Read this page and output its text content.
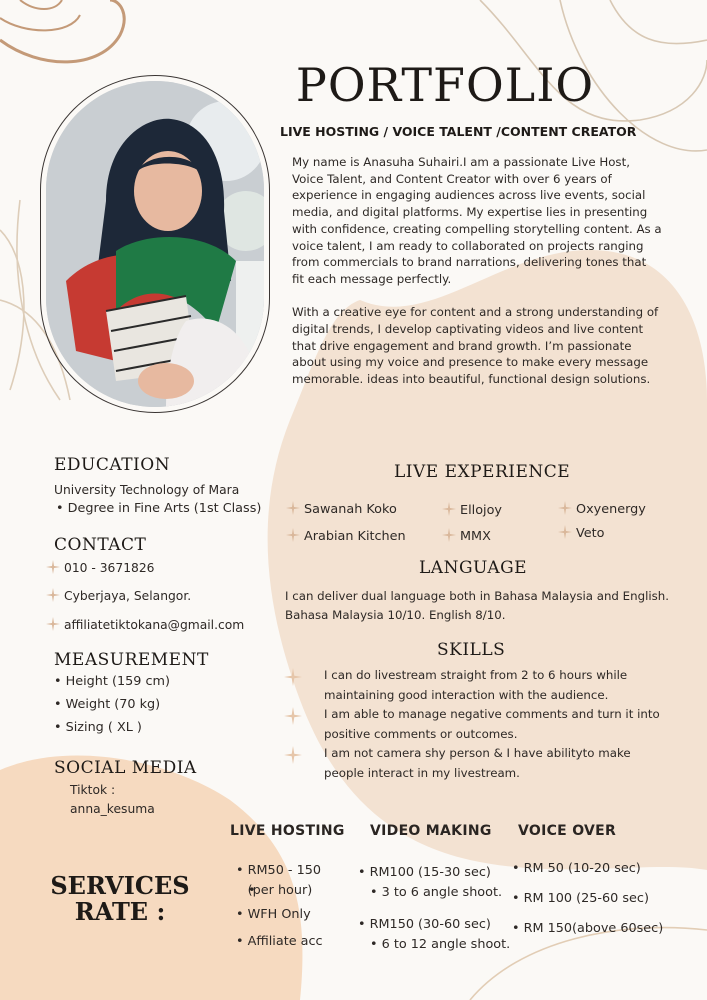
PORTFOLIO
LIVE HOSTING / VOICE TALENT /CONTENT CREATOR

My name is Anasuha Suhairi.I am a passionate Live Host, Voice Talent, and Content Creator with over 6 years of experience in engaging audiences across live events, social media, and digital platforms. My expertise lies in presenting with confidence, creating compelling storytelling content. As a voice talent, I am ready to collaborated on projects ranging from commercials to brand narrations, delivering tones that fit each message perfectly.

With a creative eye for content and a strong understanding of digital trends, I develop captivating videos and live content that drive engagement and brand growth. I’m passionate about using my voice and presence to make every message memorable. ideas into beautiful, functional design solutions.

EDUCATION
University Technology of Mara
• Degree in Fine Arts (1st Class)
CONTACT
010 - 3671826
Cyberjaya, Selangor.
affiliatetiktokana@gmail.com
MEASUREMENT
• Height (159 cm)
• Weight (70 kg)
• Sizing ( XL )
SOCIAL MEDIA
Tiktok :
anna_kesuma
LIVE EXPERIENCE
Sawanah Koko
Arabian Kitchen
Ellojoy
MMX
Oxyenergy
Veto
LANGUAGE
I can deliver dual language both in Bahasa Malaysia and English.
Bahasa Malaysia 10/10. English 8/10.
SKILLS
I can do livestream straight from 2 to 6 hours while
maintaining good interaction with the audience.
I am able to manage negative comments and turn it into
positive comments or outcomes.
I am not camera shy person & I have abilityto make
people interact in my livestream.
SERVICES
RATE :
LIVE HOSTING
• RM50 - 150
• (per hour)
• WFH Only
• Affiliate acc
VIDEO MAKING
• RM100 (15-30 sec)
• 3 to 6 angle shoot.
• RM150 (30-60 sec)
• 6 to 12 angle shoot.
VOICE OVER
• RM 50 (10-20 sec)
• RM 100 (25-60 sec)
• RM 150(above 60sec)
